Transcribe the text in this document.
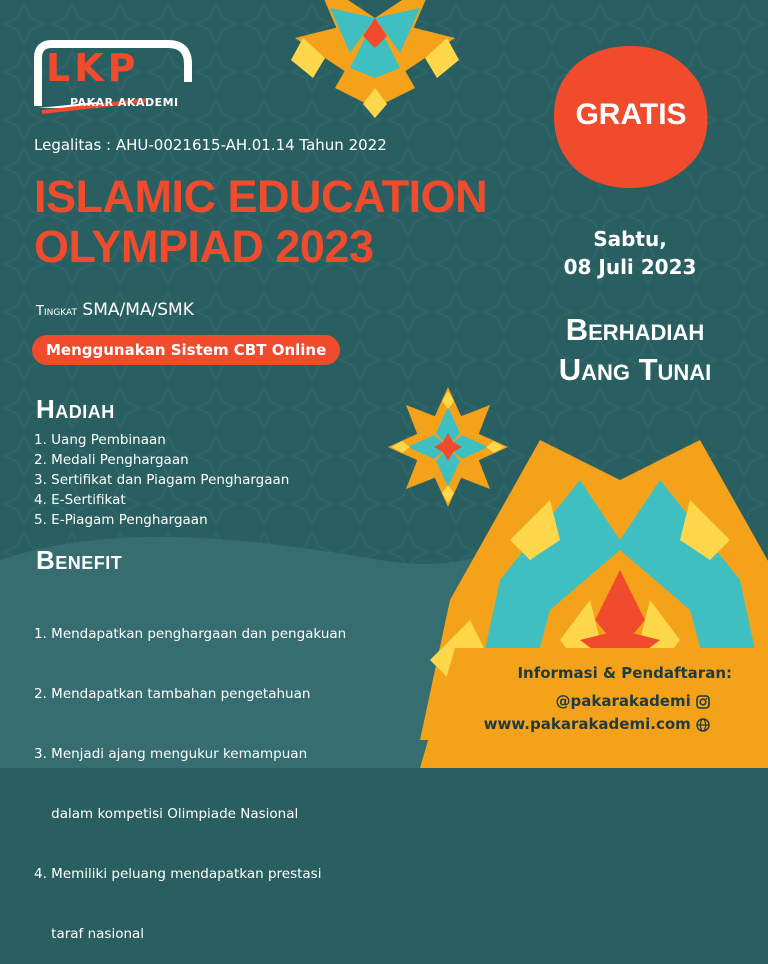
LKP
PAKAR AKADEMI
Legalitas : AHU-0021615-AH.01.14 Tahun 2022
ISLAMIC EDUCATION
OLYMPIAD 2023
Tingkat SMA/MA/SMK
Menggunakan Sistem CBT Online
Hadiah
1. Uang Pembinaan
2. Medali Penghargaan
3. Sertifikat dan Piagam Penghargaan
4. E-Sertifikat
5. E-Piagam Penghargaan
Benefit

1. Mendapatkan penghargaan dan pengakuan

2. Mendapatkan tambahan pengetahuan

3. Menjadi ajang mengukur kemampuan

dalam kompetisi Olimpiade Nasional

4. Memiliki peluang mendapatkan prestasi

taraf nasional

GRATIS
Sabtu,
08 Juli 2023
Berhadiah
Uang Tunai
Informasi & Pendaftaran:
@pakarakademi
www.pakarakademi.com
